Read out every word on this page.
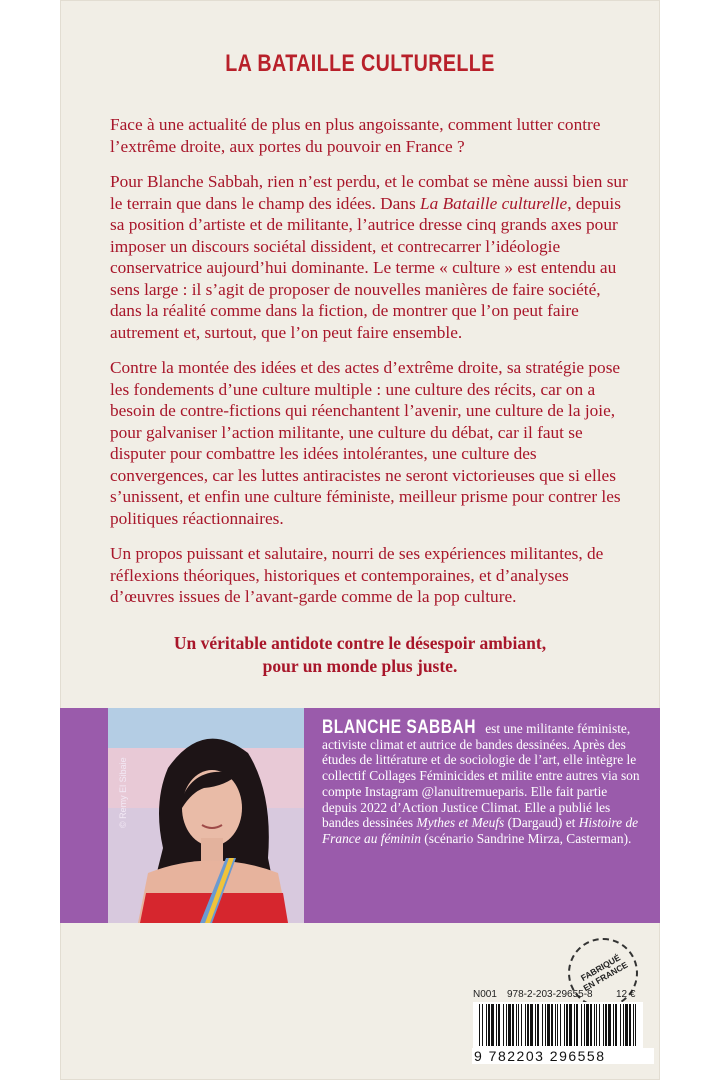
LA BATAILLE CULTURELLE

Face à une actualité de plus en plus angoissante, comment lutter contre l’extrême droite, aux portes du pouvoir en France ?

Pour Blanche Sabbah, rien n’est perdu, et le combat se mène aussi bien sur le terrain que dans le champ des idées. Dans La Bataille culturelle, depuis sa position d’artiste et de militante, l’autrice dresse cinq grands axes pour imposer un discours sociétal dissident, et contrecarrer l’idéologie conservatrice aujourd’hui dominante. Le terme « culture » est entendu au sens large : il s’agit de proposer de nouvelles manières de faire société, dans la réalité comme dans la fiction, de montrer que l’on peut faire autrement et, surtout, que l’on peut faire ensemble.

Contre la montée des idées et des actes d’extrême droite, sa stratégie pose les fondements d’une culture multiple : une culture des récits, car on a besoin de contre-fictions qui réenchantent l’avenir, une culture de la joie, pour galvaniser l’action militante, une culture du débat, car il faut se disputer pour combattre les idées intolérantes, une culture des convergences, car les luttes antiracistes ne seront victorieuses que si elles s’unissent, et enfin une culture féministe, meilleur prisme pour contrer les politiques réactionnaires.

Un propos puissant et salutaire, nourri de ses expériences militantes, de réflexions théoriques, historiques et contemporaines, et d’analyses d’œuvres issues de l’avant-garde comme de la pop culture.

Un véritable antidote contre le désespoir ambiant,
pour un monde plus juste.
© Remy El Sibaie
BLANCHE SABBAH est une militante féministe, activiste climat et autrice de bandes dessinées. Après des études de littérature et de sociologie de l’art, elle intègre le collectif Collages Féminicides et milite entre autres via son compte Instagram @lanuitremueparis. Elle fait partie depuis 2022 d’Action Justice Climat. Elle a publié les bandes dessinées Mythes et Meufs (Dargaud) et Histoire de France au féminin (scénario Sandrine Mirza, Casterman).
FABRIQUÉ EN FRANCE
N001 978-2-203-29655-8 12 €
9 782203 296558
